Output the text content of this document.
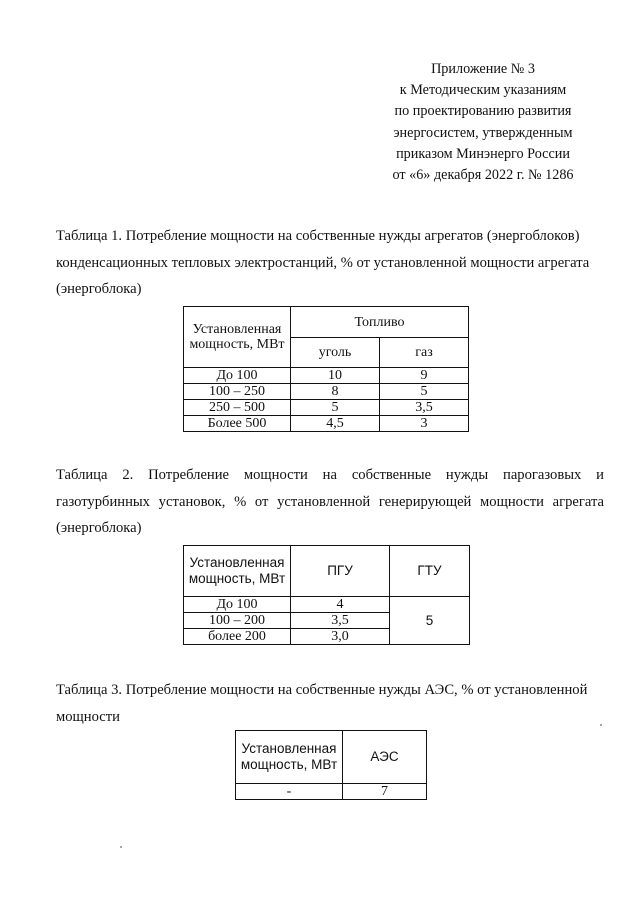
Приложение № 3
к Методическим указаниям
по проектированию развития
энергосистем, утвержденным
приказом Минэнерго России
от «6» декабря 2022 г. № 1286
Таблица 1. Потребление мощности на собственные нужды агрегатов (энергоблоков) конденсационных тепловых электростанций, % от установленной мощности агрегата (энергоблока)
Установленная мощность, МВт	Топливо	
	уголь	газ
До 100	10	9
100 – 250	8	5
250 – 500	5	3,5
Более 500	4,5	3
Таблица 2. Потребление мощности на собственные нужды парогазовых и газотурбинных установок, % от установленной генерирующей мощности агрегата (энергоблока)
Установленная мощность, МВт	ПГУ	ГТУ
До 100	4	5
100 – 200	3,5	
более 200	3,0	
Таблица 3. Потребление мощности на собственные нужды АЭС, % от установленной мощности
Установленная мощность, МВт	АЭС
-	7
